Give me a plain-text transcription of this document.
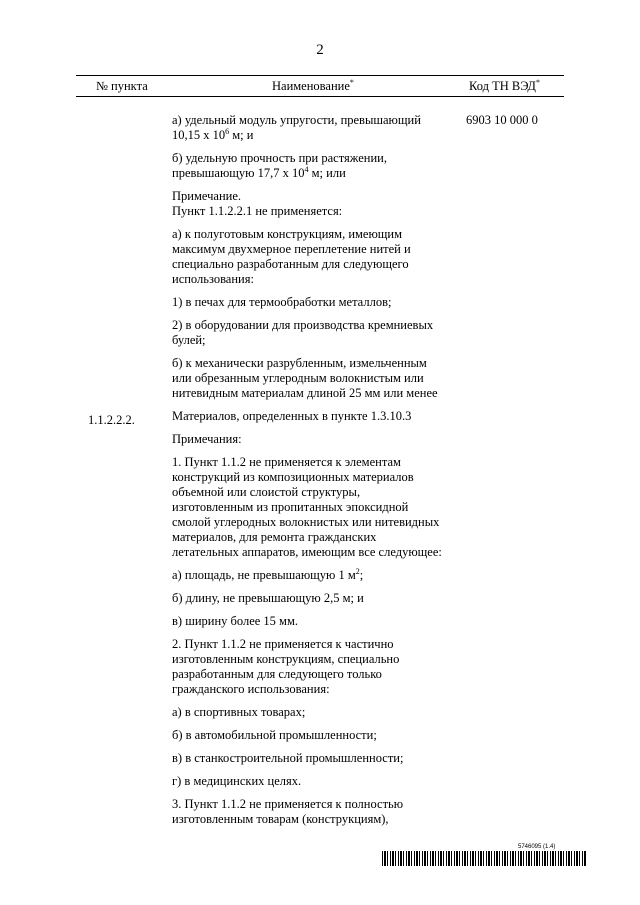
2
№ пункта	Наименование*	Код ТН ВЭД*
6903 10 000 0
1.1.2.2.2.

а) удельный модуль упругости, превышающий 10,15 x $10^6$ м; и

б) удельную прочность при растяжении, превышающую 17,7 x $10^4$ м; или

Примечание.
Пункт 1.1.2.2.1 не применяется:

а) к полуготовым конструкциям, имеющим максимум двухмерное переплетение нитей и специально разработанным для следующего использования:

1) в печах для термообработки металлов;

2) в оборудовании для производства кремниевых булей;

б) к механически разрубленным, измельченным или обрезанным углеродным волокнистым или нитевидным материалам длиной 25 мм или менее

Материалов, определенных в пункте 1.3.10.3

Примечания:

1. Пункт 1.1.2 не применяется к элементам конструкций из композиционных материалов объемной или слоистой структуры, изготовленным из пропитанных эпоксидной смолой углеродных волокнистых или нитевидных материалов, для ремонта гражданских летательных аппаратов, имеющим все следующее:

а) площадь, не превышающую 1 $м^2$;

б) длину, не превышающую 2,5 м; и

в) ширину более 15 мм.

2. Пункт 1.1.2 не применяется к частично изготовленным конструкциям, специально разработанным для следующего только гражданского использования:

а) в спортивных товарах;

б) в автомобильной промышленности;

в) в станкостроительной промышленности;

г) в медицинских целях.

3. Пункт 1.1.2 не применяется к полностью изготовленным товарам (конструкциям),

5746095 (1.4)
